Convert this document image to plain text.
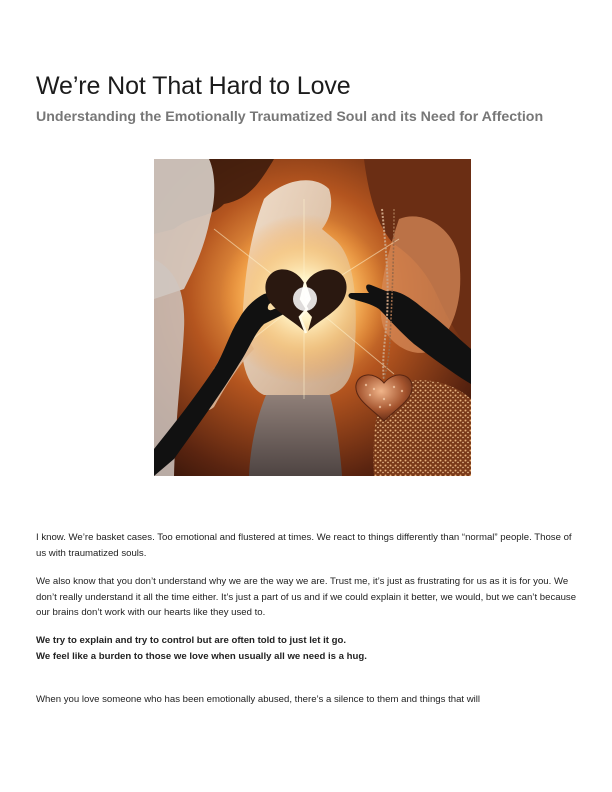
We’re Not That Hard to Love
Understanding the Emotionally Traumatized Soul and its Need for Affection

I know. We’re basket cases. Too emotional and flustered at times. We react to things differently than “normal” people. Those of us with traumatized souls.

We also know that you don’t understand why we are the way we are. Trust me, it’s just as frustrating for us as it is for you. We don’t really understand it all the time either. It’s just a part of us and if we could explain it better, we would, but we can’t because our brains don’t work with our hearts like they used to.

We try to explain and try to control but are often told to just let it go.
We feel like a burden to those we love when usually all we need is a hug.

When you love someone who has been emotionally abused, there’s a silence to them and things that will
